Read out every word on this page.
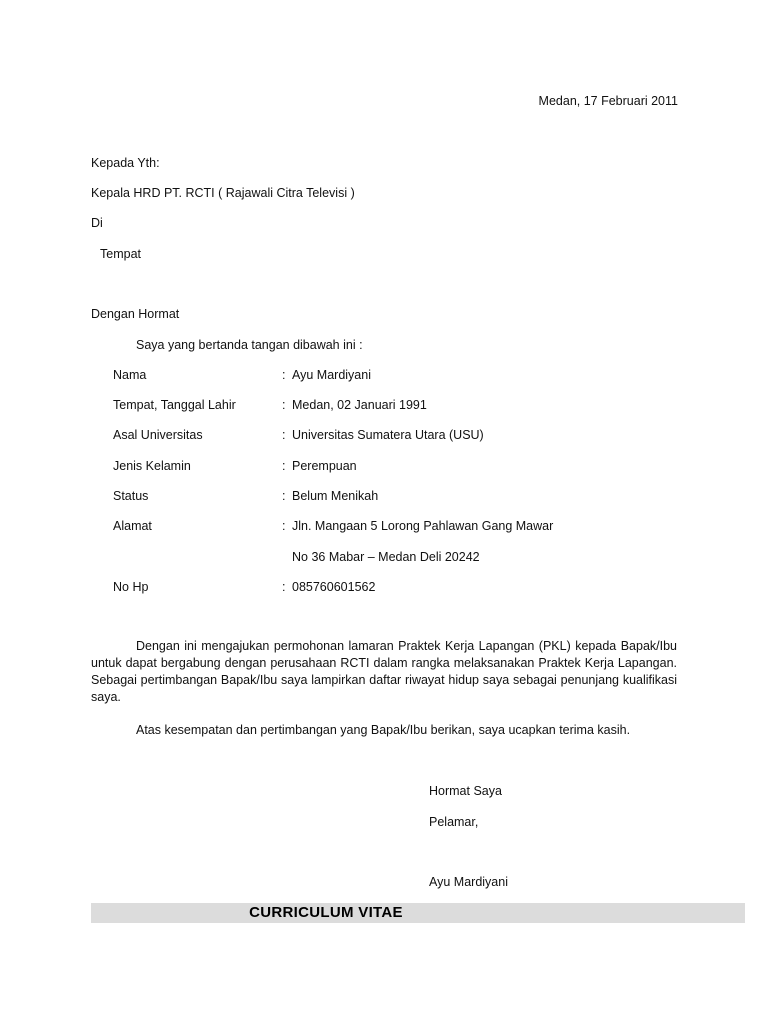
Medan, 17 Februari 2011
Kepada Yth:
Kepala HRD PT. RCTI ( Rajawali Citra Televisi )
Di
Tempat
Dengan Hormat
Saya yang bertanda tangan dibawah ini :
Nama	: Ayu Mardiyani
Tempat, Tanggal Lahir	: Medan, 02 Januari 1991
Asal Universitas	: Universitas Sumatera Utara (USU)
Jenis Kelamin	: Perempuan
Status	: Belum Menikah
Alamat	: Jln. Mangaan 5 Lorong Pahlawan Gang Mawar
No 36 Mabar – Medan Deli 20242
No Hp	: 085760601562
Dengan ini mengajukan permohonan lamaran Praktek Kerja Lapangan (PKL) kepada Bapak/Ibu untuk dapat bergabung dengan perusahaan RCTI dalam rangka melaksanakan Praktek Kerja Lapangan. Sebagai pertimbangan Bapak/Ibu saya lampirkan daftar riwayat hidup saya sebagai penunjang kualifikasi saya.
Atas kesempatan dan pertimbangan yang Bapak/Ibu berikan, saya ucapkan terima kasih.
Hormat Saya
Pelamar,
Ayu Mardiyani
CURRICULUM VITAE
